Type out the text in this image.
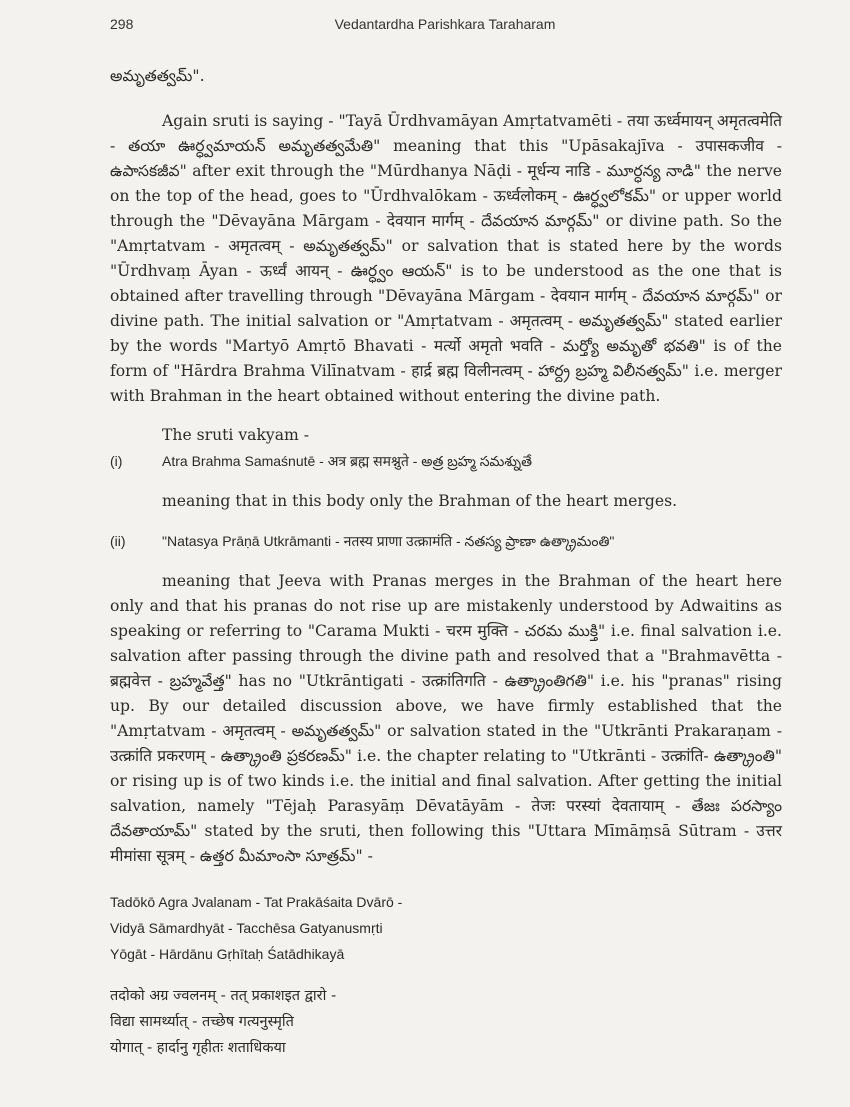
298	Vedantardha Parishkara Taraharam

అమృతత్వమ్".

Again sruti is saying - "Tayā Ūrdhvamāyan Amṛtatvamēti - तया ऊर्ध्वमायन् अमृतत्वमेति - తయా ఊర్ధ్వమాయన్ అమృతత్వమేతి" meaning that this "Upāsakajīva - उपासकजीव - ఉపాసకజీవ" after exit through the "Mūrdhanya Nāḍi - मूर्धन्य नाडि - మూర్ధన్య నాడి" the nerve on the top of the head, goes to "Ūrdhvalōkam - ऊर्ध्वलोकम् - ఊర్ధ్వలోకమ్" or upper world through the "Dēvayāna Mārgam - देवयान मार्गम् - దేవయాన మార్గమ్" or divine path. So the "Amṛtatvam - अमृतत्वम् - అమృతత్వమ్" or salvation that is stated here by the words "Ūrdhvaṃ Āyan - ऊर्ध्वं आयन् - ఊర్ధ్వం ఆయన్" is to be understood as the one that is obtained after travelling through "Dēvayāna Mārgam - देवयान मार्गम् - దేవయాన మార్గమ్" or divine path. The initial salvation or "Amṛtatvam - अमृतत्वम् - అమృతత్వమ్" stated earlier by the words "Martyō Amṛtō Bhavati - मर्त्यो अमृतो भवति - మర్త్యో అమృతో భవతి" is of the form of "Hārdra Brahma Vilīnatvam - हार्द्र ब्रह्म विलीनत्वम् - హార్ద్ర బ్రహ్మ విలీనత్వమ్" i.e. merger with Brahman in the heart obtained without entering the divine path.

The sruti vakyam -
(i)	Atra Brahma Samaśnutē - अत्र ब्रह्म समश्नुते - అత్ర బ్రహ్మ సమశ్నుతే

meaning that in this body only the Brahman of the heart merges.

(ii)	"Natasya Prāṇā Utkrāmanti - नतस्य प्राणा उत्क्रामंति - నతస్య ప్రాణా ఉత్క్రామంతి"

meaning that Jeeva with Pranas merges in the Brahman of the heart here only and that his pranas do not rise up are mistakenly understood by Adwaitins as speaking or referring to "Carama Mukti - चरम मुक्ति - చరమ ముక్తి" i.e. final salvation i.e. salvation after passing through the divine path and resolved that a "Brahmavētta - ब्रह्मवेत्त - బ్రహ్మవేత్త" has no "Utkrāntigati - उत्क्रांतिगति - ఉత్క్రాంతిగతి" i.e. his "pranas" rising up. By our detailed discussion above, we have firmly established that the "Amṛtatvam - अमृतत्वम् - అమృతత్వమ్" or salvation stated in the "Utkrānti Prakaraṇam - उत्क्रांति प्रकरणम् - ఉత్క్రాంతి ప్రకరణమ్" i.e. the chapter relating to "Utkrānti - उत्क्रांति- ఉత్క్రాంతి" or rising up is of two kinds i.e. the initial and final salvation. After getting the initial salvation, namely "Tējaḥ Parasyāṃ Dēvatāyām - तेजः परस्यां देवतायाम् - తేజః పరస్యాం దేవతాయామ్" stated by the sruti, then following this "Uttara Mīmāṃsā Sūtram - उत्तर मीमांसा सूत्रम् - ఉత్తర మీమాంసా సూత్రమ్" -

Tadōkō Agra Jvalanam - Tat Prakāśaita Dvārō -
Vidyā Sāmardhyāt - Tacchēsa Gatyanusmṛti
Yōgāt - Hārdānu Gṛhītaḥ Śatādhikayā
तदोको अग्र ज्वलनम् - तत् प्रकाशइत द्वारो -
विद्या सामर्थ्यात् - तच्छेष गत्यनुस्मृति
योगात् - हार्दानु गृहीतः शताधिकया
